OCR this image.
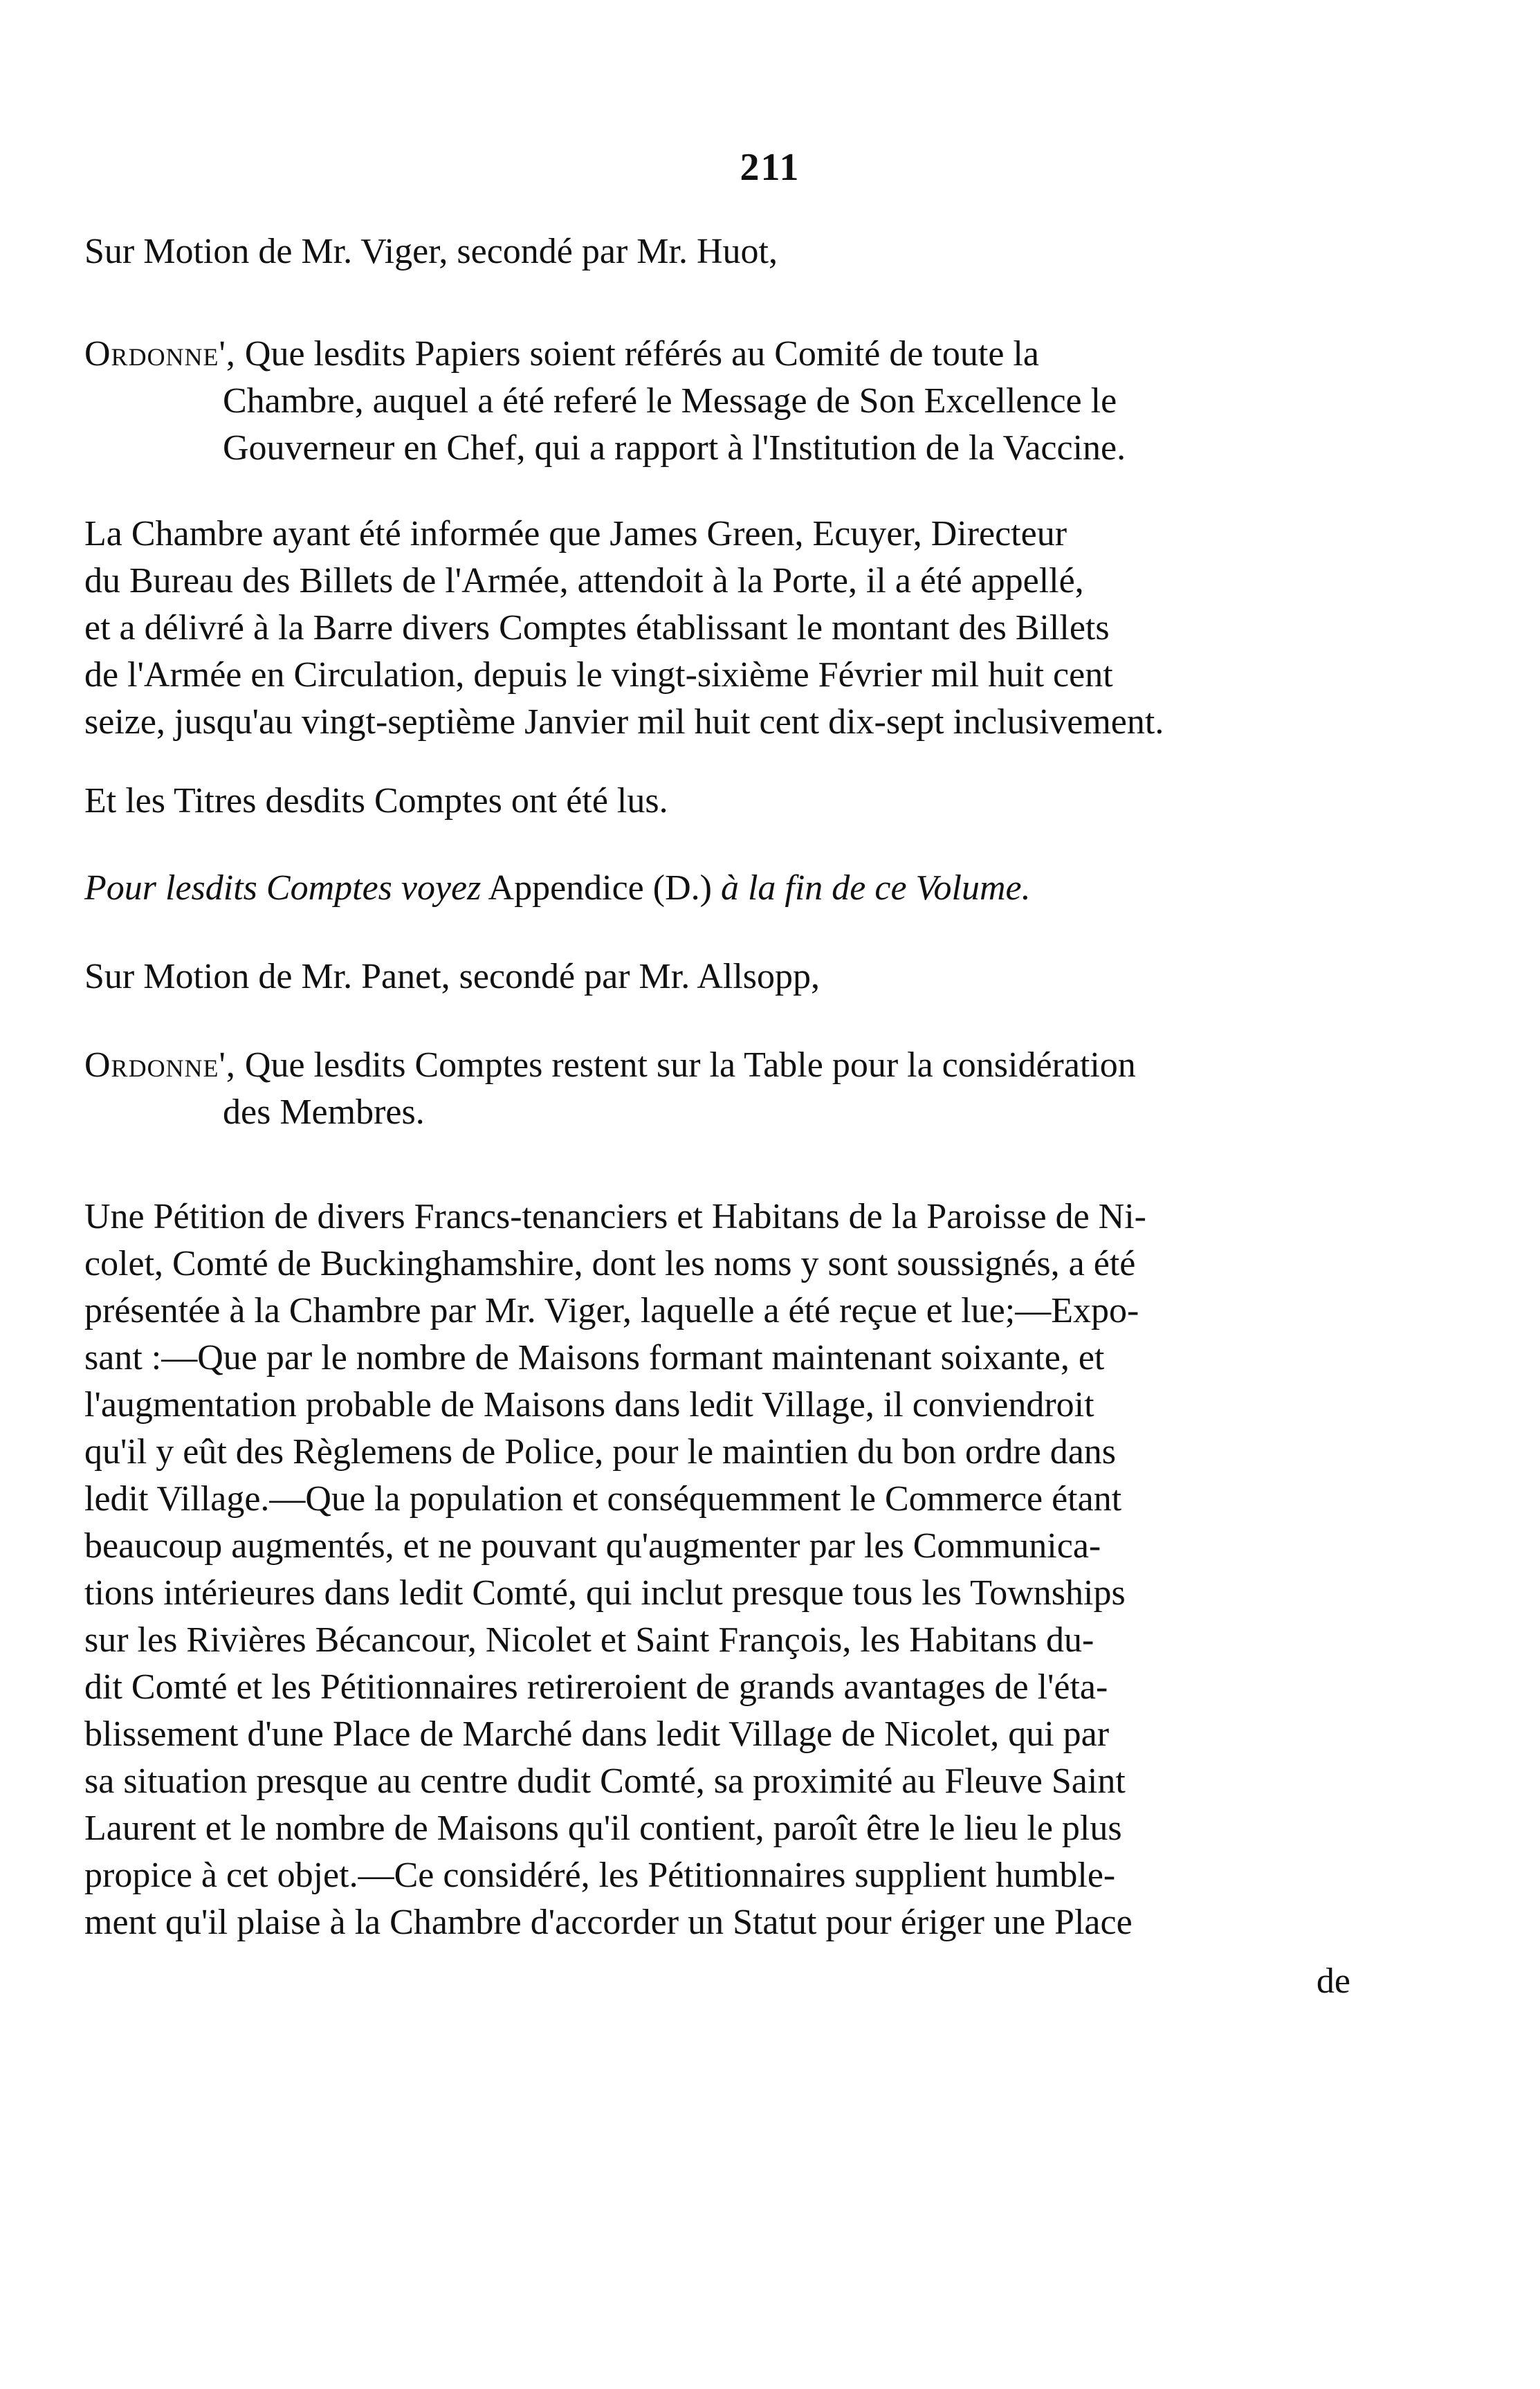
211
Sur Motion de Mr. Viger, secondé par Mr. Huot,
Ordonne', Que lesdits Papiers soient référés au Comité de toute la
Chambre, auquel a été referé le Message de Son Excellence le
Gouverneur en Chef, qui a rapport à l'Institution de la Vaccine.
La Chambre ayant été informée que James Green, Ecuyer, Directeur
du Bureau des Billets de l'Armée, attendoit à la Porte, il a été appellé,
et a délivré à la Barre divers Comptes établissant le montant des Billets
de l'Armée en Circulation, depuis le vingt-sixième Février mil huit cent
seize, jusqu'au vingt-septième Janvier mil huit cent dix-sept inclusivement.
Et les Titres desdits Comptes ont été lus.
Pour lesdits Comptes voyez Appendice (D.) à la fin de ce Volume.
Sur Motion de Mr. Panet, secondé par Mr. Allsopp,
Ordonne', Que lesdits Comptes restent sur la Table pour la considération
des Membres.
Une Pétition de divers Francs-tenanciers et Habitans de la Paroisse de Ni-
colet, Comté de Buckinghamshire, dont les noms y sont soussignés, a été
présentée à la Chambre par Mr. Viger, laquelle a été reçue et lue;—Expo-
sant :—Que par le nombre de Maisons formant maintenant soixante, et
l'augmentation probable de Maisons dans ledit Village, il conviendroit
qu'il y eût des Règlemens de Police, pour le maintien du bon ordre dans
ledit Village.—Que la population et conséquemment le Commerce étant
beaucoup augmentés, et ne pouvant qu'augmenter par les Communica-
tions intérieures dans ledit Comté, qui inclut presque tous les Townships
sur les Rivières Bécancour, Nicolet et Saint François, les Habitans du-
dit Comté et les Pétitionnaires retireroient de grands avantages de l'éta-
blissement d'une Place de Marché dans ledit Village de Nicolet, qui par
sa situation presque au centre dudit Comté, sa proximité au Fleuve Saint
Laurent et le nombre de Maisons qu'il contient, paroît être le lieu le plus
propice à cet objet.—Ce considéré, les Pétitionnaires supplient humble-
ment qu'il plaise à la Chambre d'accorder un Statut pour ériger une Place
de
